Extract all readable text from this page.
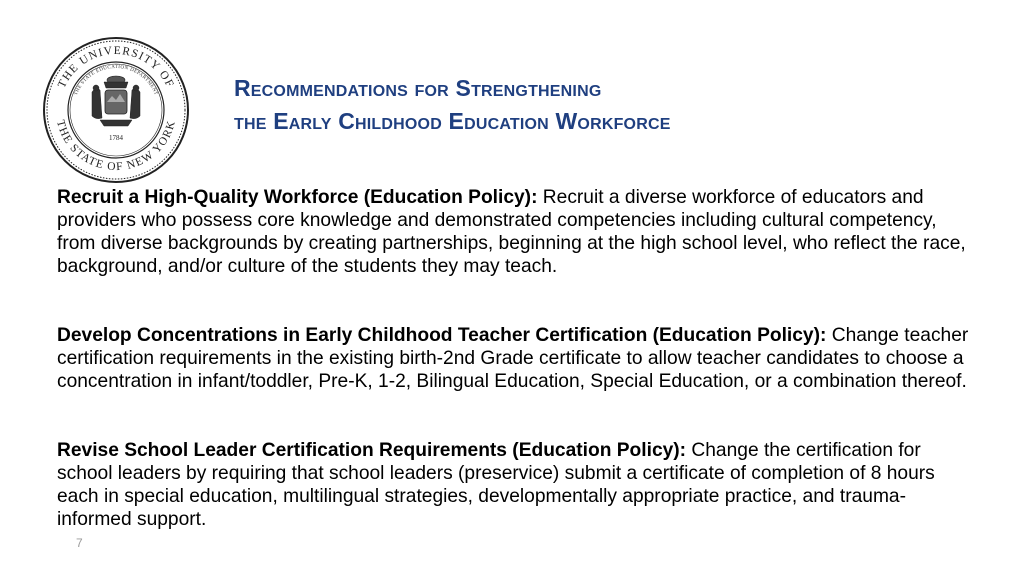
THE UNIVERSITY OF
THE STATE OF NEW YORK
THE STATE EDUCATION DEPARTMENT
1784
Recommendations for Strengthening
the Early Childhood Education Workforce

Recruit a High-Quality Workforce (Education Policy): Recruit a diverse workforce of educators and providers who possess core knowledge and demonstrated competencies including cultural competency, from diverse backgrounds by creating partnerships, beginning at the high school level, who reflect the race, background, and/or culture of the students they may teach.

Develop Concentrations in Early Childhood Teacher Certification (Education Policy): Change teacher certification requirements in the existing birth-2nd Grade certificate to allow teacher candidates to choose a concentration in infant/toddler, Pre-K, 1-2, Bilingual Education, Special Education, or a combination thereof.

Revise School Leader Certification Requirements (Education Policy): Change the certification for school leaders by requiring that school leaders (preservice) submit a certificate of completion of 8 hours each in special education, multilingual strategies, developmentally appropriate practice, and trauma-informed support.

7
